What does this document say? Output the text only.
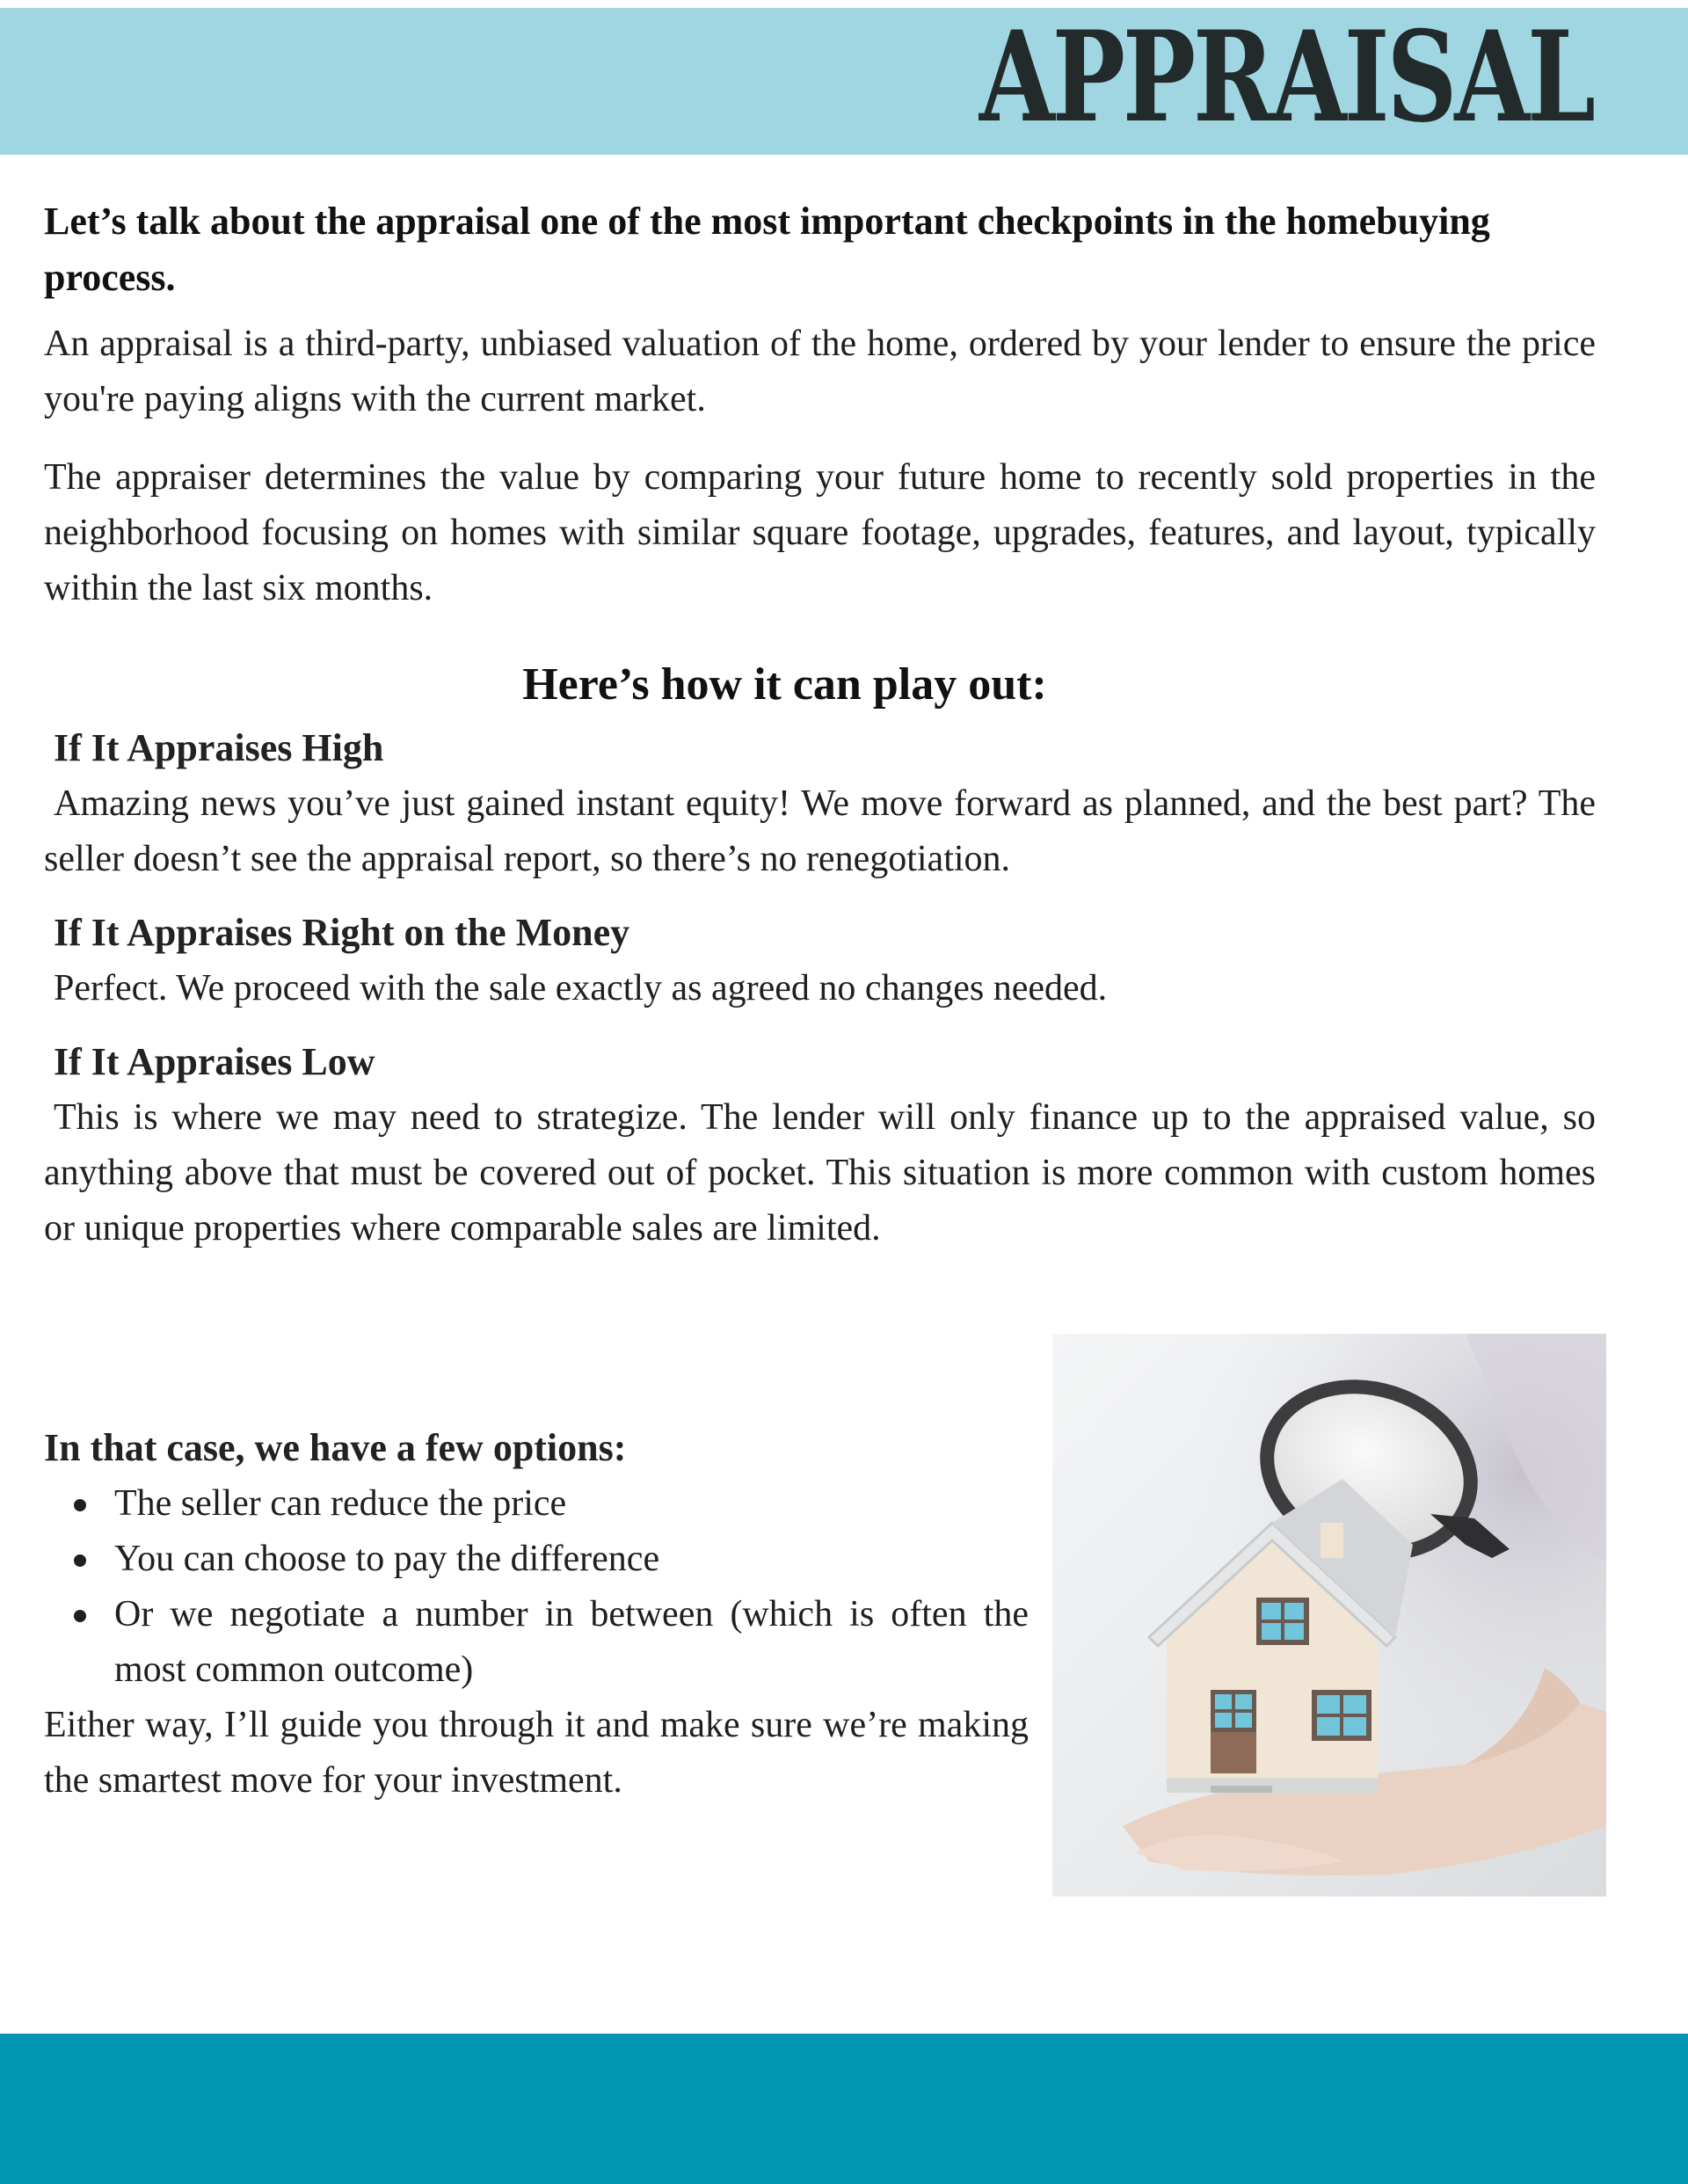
APPRAISAL

Let’s talk about the appraisal one of the most important checkpoints in the homebuying process.

An appraisal is a third-party, unbiased valuation of the home, ordered by your lender to ensure the price you're paying aligns with the current market.

The appraiser determines the value by comparing your future home to recently sold properties in the neighborhood focusing on homes with similar square footage, upgrades, features, and layout, typically within the last six months.

Here’s how it can play out:
If It Appraises High

Amazing news you’ve just gained instant equity! We move forward as planned, and the best part? The seller doesn’t see the appraisal report, so there’s no renegotiation.

If It Appraises Right on the Money

Perfect. We proceed with the sale exactly as agreed no changes needed.

If It Appraises Low

This is where we may need to strategize. The lender will only finance up to the appraised value, so anything above that must be covered out of pocket. This situation is more common with custom homes or unique properties where comparable sales are limited.

In that case, we have a few options:
The seller can reduce the price
You can choose to pay the difference
Or we negotiate a number in between (which is often the most common outcome)

Either way, I’ll guide you through it and make sure we’re making the smartest move for your investment.
